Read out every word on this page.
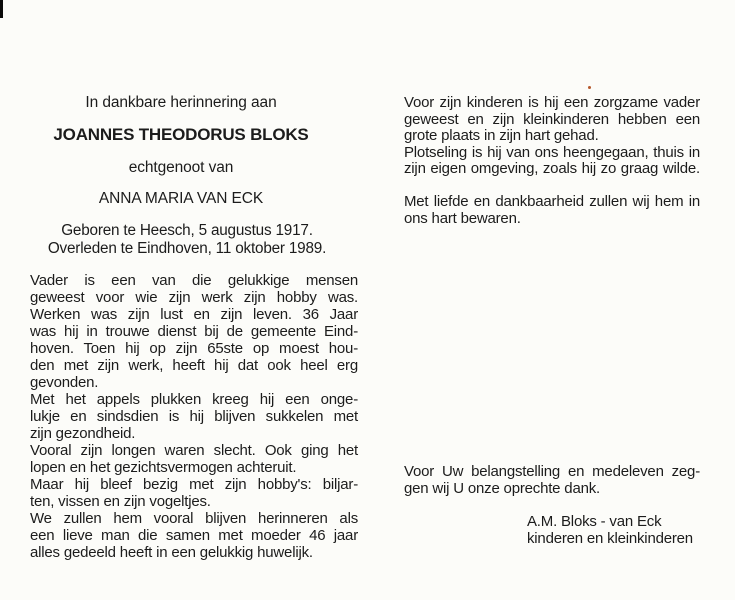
In dankbare herinnering aan
JOANNES THEODORUS BLOKS
echtgenoot van
ANNA MARIA VAN ECK
Geboren te Heesch, 5 augustus 1917.
Overleden te Eindhoven, 11 oktober 1989.
Vader is een van die gelukkige mensen
geweest voor wie zijn werk zijn hobby was.
Werken was zijn lust en zijn leven. 36 Jaar
was hij in trouwe dienst bij de gemeente Eind-
hoven. Toen hij op zijn 65ste op moest hou-
den met zijn werk, heeft hij dat ook heel erg
gevonden.
Met het appels plukken kreeg hij een onge-
lukje en sindsdien is hij blijven sukkelen met
zijn gezondheid.
Vooral zijn longen waren slecht. Ook ging het
lopen en het gezichtsvermogen achteruit.
Maar hij bleef bezig met zijn hobby's: biljar-
ten, vissen en zijn vogeltjes.
We zullen hem vooral blijven herinneren als
een lieve man die samen met moeder 46 jaar
alles gedeeld heeft in een gelukkig huwelijk.
Voor zijn kinderen is hij een zorgzame vader
geweest en zijn kleinkinderen hebben een
grote plaats in zijn hart gehad.
Plotseling is hij van ons heengegaan, thuis in
zijn eigen omgeving, zoals hij zo graag wilde.
Met liefde en dankbaarheid zullen wij hem in
ons hart bewaren.
Voor Uw belangstelling en medeleven zeg-
gen wij U onze oprechte dank.
A.M. Bloks - van Eck
kinderen en kleinkinderen
